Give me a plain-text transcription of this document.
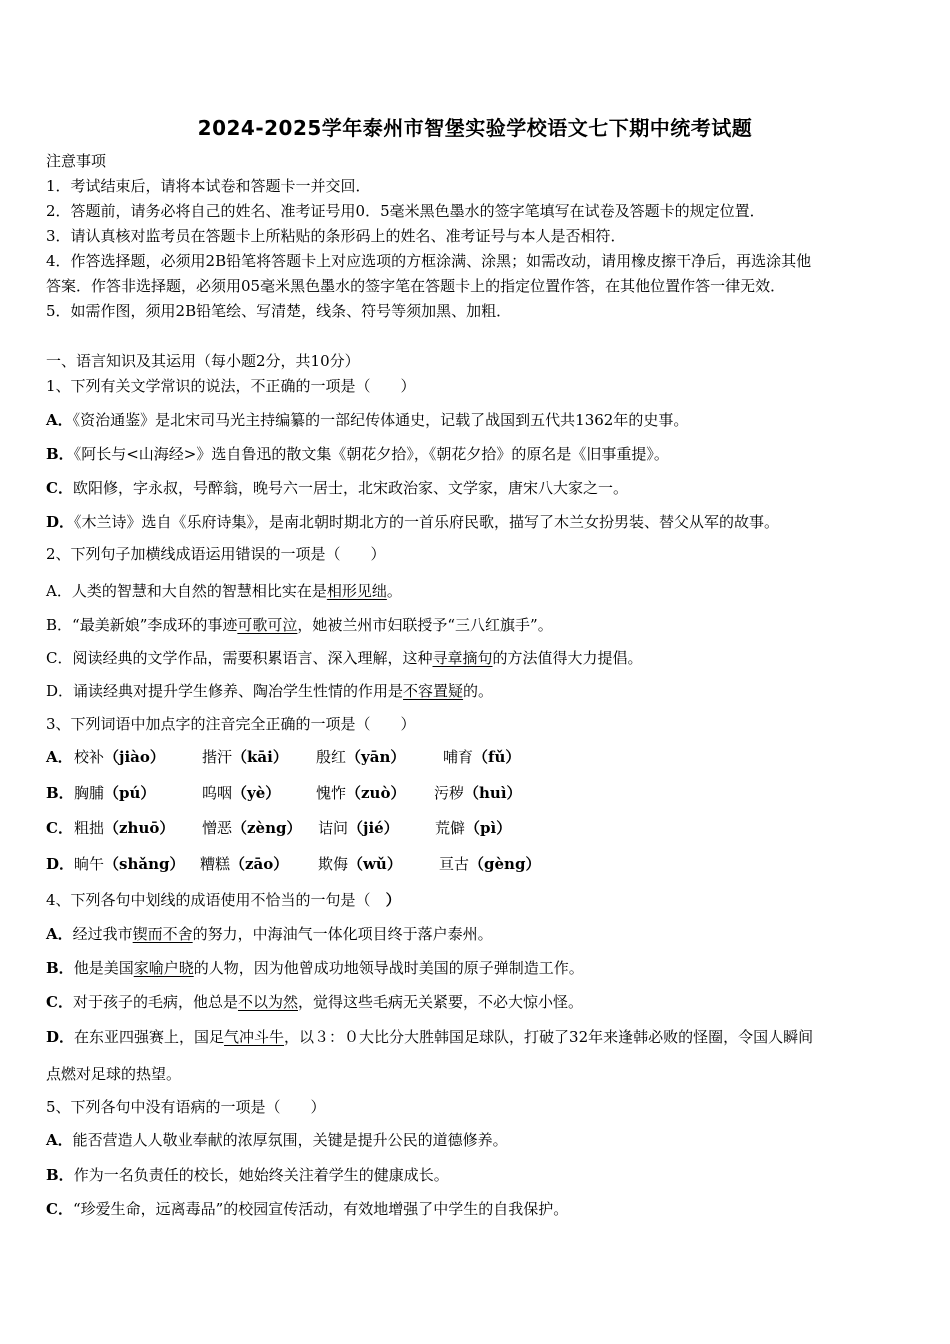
2024-2025学年泰州市智堡实验学校语文七下期中统考试题
注意事项
1．考试结束后，请将本试卷和答题卡一并交回．
2．答题前，请务必将自己的姓名、准考证号用0．5毫米黑色墨水的签字笔填写在试卷及答题卡的规定位置．
3．请认真核对监考员在答题卡上所粘贴的条形码上的姓名、准考证号与本人是否相符．
4．作答选择题，必须用2B铅笔将答题卡上对应选项的方框涂满、涂黑；如需改动，请用橡皮擦干净后，再选涂其他
答案．作答非选择题，必须用05毫米黑色墨水的签字笔在答题卡上的指定位置作答，在其他位置作答一律无效．
5．如需作图，须用2B铅笔绘、写清楚，线条、符号等须加黑、加粗．
一、语言知识及其运用（每小题2分，共10分）
1、下列有关文学常识的说法，不正确的一项是（　　）
A．《资治通鉴》是北宋司马光主持编纂的一部纪传体通史，记载了战国到五代共1362年的史事。
B．《阿长与<山海经>》选自鲁迅的散文集《朝花夕拾》，《朝花夕拾》的原名是《旧事重提》。
C．欧阳修，字永叔，号醉翁，晚号六一居士，北宋政治家、文学家，唐宋八大家之一。
D．《木兰诗》选自《乐府诗集》，是南北朝时期北方的一首乐府民歌，描写了木兰女扮男装、替父从军的故事。
2、下列句子加横线成语运用错误的一项是（　　）
A．人类的智慧和大自然的智慧相比实在是相形见绌。
B．“最美新娘”李成环的事迹可歌可泣，她被兰州市妇联授予“三八红旗手”。
C．阅读经典的文学作品，需要积累语言、深入理解，这种寻章摘句的方法值得大力提倡。
D．诵读经典对提升学生修养、陶冶学生性情的作用是不容置疑的。
3、下列词语中加点字的注音完全正确的一项是（　　）
A． 校补（jiào） 揩汗（kāi） 殷红（yān）	哺育（fǔ）
B． 胸脯（pú）	呜咽（yè） 愧怍（zuò） 污秽（huì）
C． 粗拙（zhuō） 憎恶（zèng） 诘问（jié） 荒僻（pì）
D． 晌午（shǎng） 糟糕（zāo） 欺侮（wǔ） 亘古（gèng）
4、下列各句中划线的成语使用不恰当的一句是（　 ）
A．经过我市锲而不舍的努力，中海油气一体化项目终于落户泰州。
B．他是美国家喻户晓的人物，因为他曾成功地领导战时美国的原子弹制造工作。
C．对于孩子的毛病，他总是不以为然，觉得这些毛病无关紧要，不必大惊小怪。
D．在东亚四强赛上，国足气冲斗牛，以３：０大比分大胜韩国足球队，打破了32年来逢韩必败的怪圈，令国人瞬间
点燃对足球的热望。
5、下列各句中没有语病的一项是（　　）
A．能否营造人人敬业奉献的浓厚氛围，关键是提升公民的道德修养。
B．作为一名负责任的校长，她始终关注着学生的健康成长。
C．“珍爱生命，远离毒品”的校园宣传活动，有效地增强了中学生的自我保护。
